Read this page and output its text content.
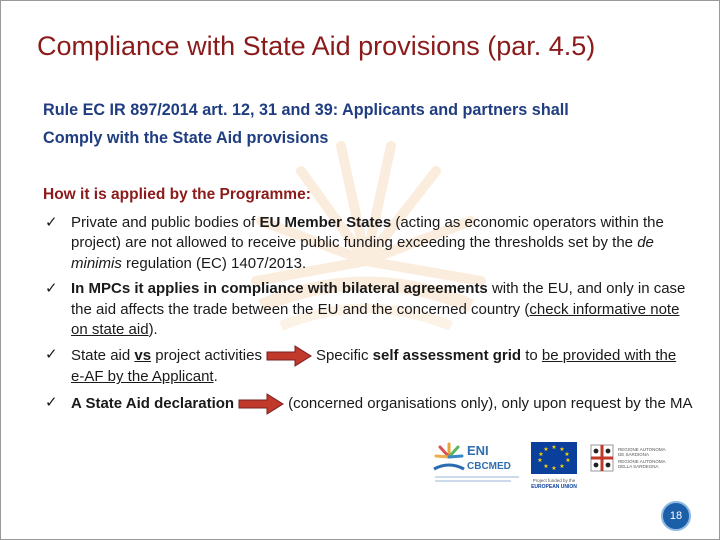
Compliance with State Aid provisions (par. 4.5)
Rule EC IR 897/2014 art. 12, 31 and 39: Applicants and partners shall
Comply with the State Aid provisions
How it is applied by the Programme:
✓ Private and public bodies of EU Member States (acting as economic operators within the project) are not allowed to receive public funding exceeding the thresholds set by the de minimis regulation (EC) 1407/2013.
✓ In MPCs it applies in compliance with bilateral agreements with the EU, and only in case the aid affects the trade between the EU and the concerned country (check informative note on state aid).
✓ State aid vs project activities	Specific self assessment grid to be provided with the e-AF by the Applicant.
✓ A State Aid declaration	(concerned organisations only), only upon request by the MA
ENI
CBCMED
★ ★
★
★
★
★
★
★
★
★
Project funded by the
EUROPEAN UNION
REGIONE AUTONOMA
DE SARDIGNA
REGIONE AUTONOMA
DELLA SARDEGNA
18
